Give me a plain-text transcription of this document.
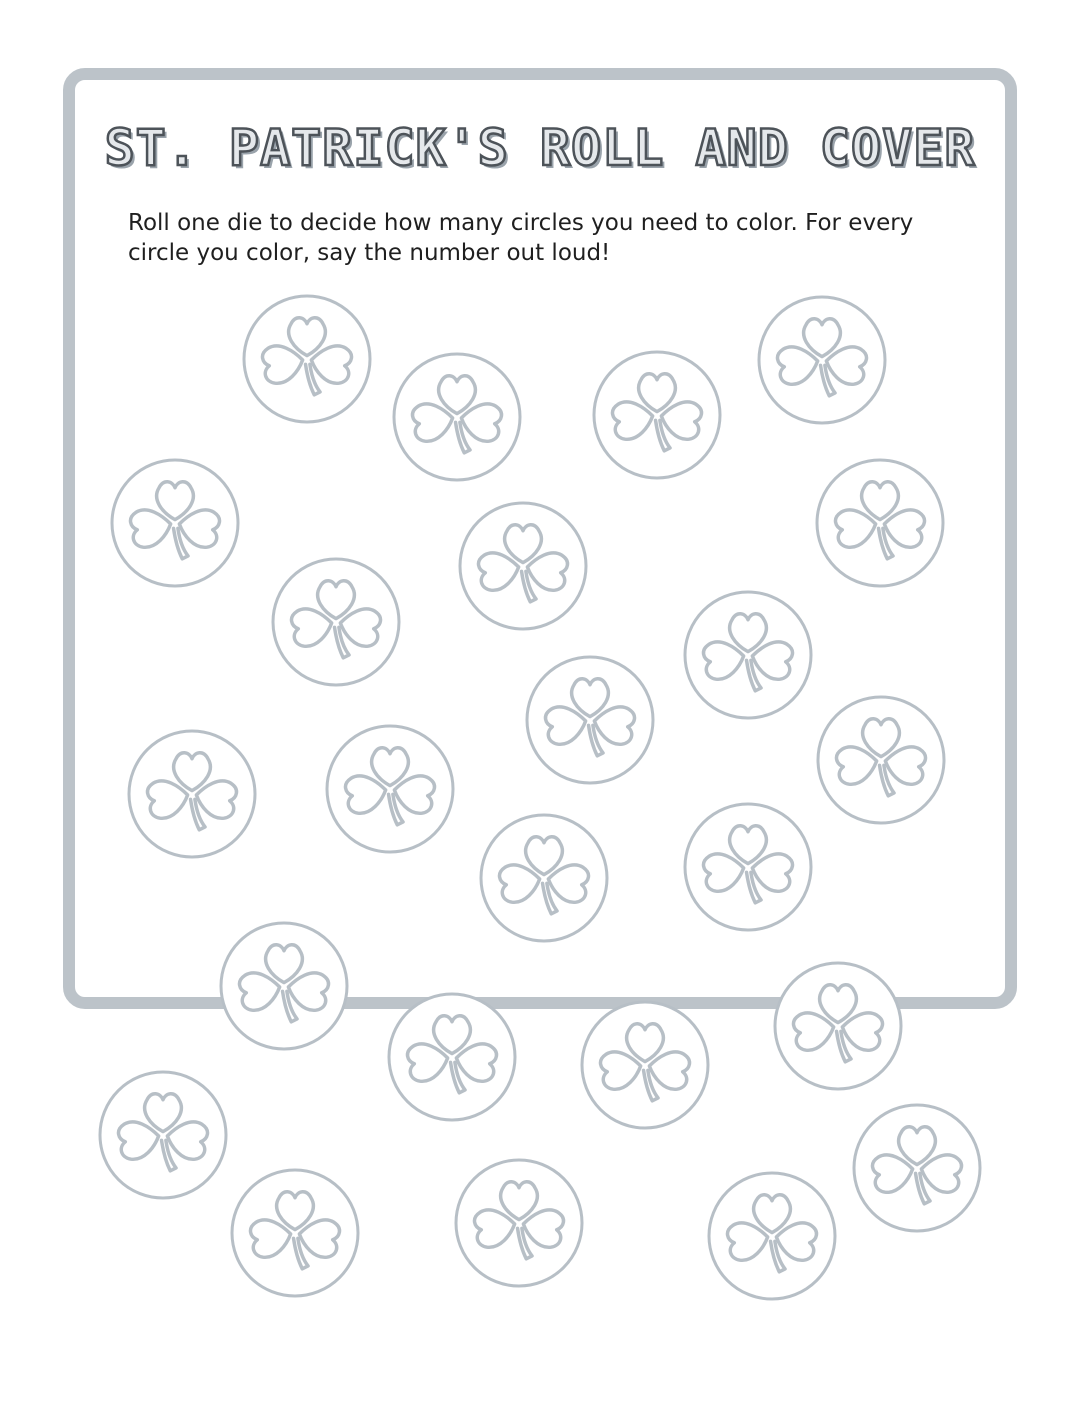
ST. PATRICK'S ROLL AND COVER

Roll one die to decide how many circles you need to color. For every circle you color, say the number out loud!
